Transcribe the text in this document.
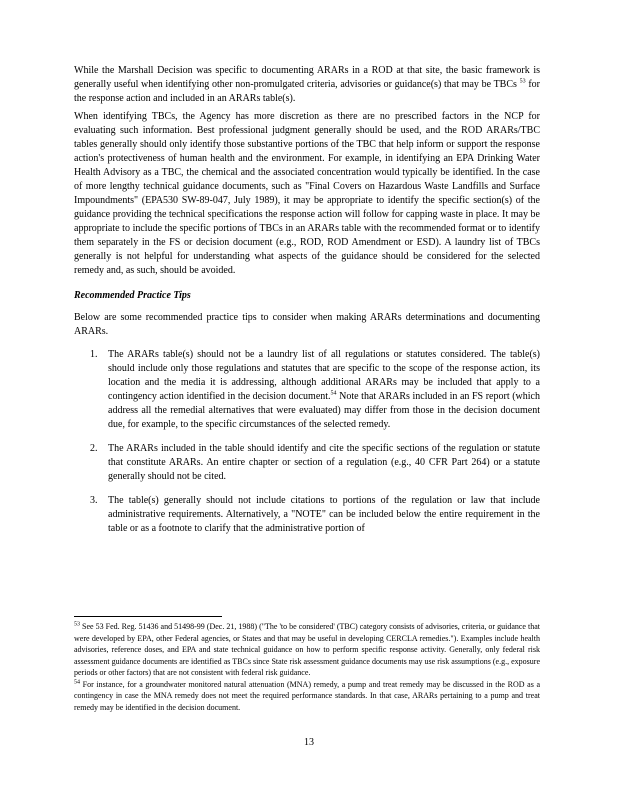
While the Marshall Decision was specific to documenting ARARs in a ROD at that site, the basic framework is generally useful when identifying other non-promulgated criteria, advisories or guidance(s) that may be TBCs $^{53}$ for the response action and included in an ARARs table(s).

When identifying TBCs, the Agency has more discretion as there are no prescribed factors in the NCP for evaluating such information. Best professional judgment generally should be used, and the ROD ARARs/TBC tables generally should only identify those substantive portions of the TBC that help inform or support the response action's protectiveness of human health and the environment. For example, in identifying an EPA Drinking Water Health Advisory as a TBC, the chemical and the associated concentration would typically be identified. In the case of more lengthy technical guidance documents, such as "Final Covers on Hazardous Waste Landfills and Surface Impoundments" (EPA530 SW-89-047, July 1989), it may be appropriate to identify the specific section(s) of the guidance providing the technical specifications the response action will follow for capping waste in place. It may be appropriate to include the specific portions of TBCs in an ARARs table with the recommended format or to identify them separately in the FS or decision document (e.g., ROD, ROD Amendment or ESD). A laundry list of TBCs generally is not helpful for understanding what aspects of the guidance should be considered for the selected remedy and, as such, should be avoided.

Recommended Practice Tips

Below are some recommended practice tips to consider when making ARARs determinations and documenting ARARs.

1. The ARARs table(s) should not be a laundry list of all regulations or statutes considered. The table(s) should include only those regulations and statutes that are specific to the scope of the response action, its location and the media it is addressing, although additional ARARs may be included that apply to a contingency action identified in the decision document.$^{54}$ Note that ARARs included in an FS report (which address all the remedial alternatives that were evaluated) may differ from those in the decision document due, for example, to the specific circumstances of the selected remedy.

2. The ARARs included in the table should identify and cite the specific sections of the regulation or statute that constitute ARARs. An entire chapter or section of a regulation (e.g., 40 CFR Part 264) or a statute generally should not be cited.

3. The table(s) generally should not include citations to portions of the regulation or law that include administrative requirements. Alternatively, a "NOTE" can be included below the entire requirement in the table or as a footnote to clarify that the administrative portion of

$^{53}$ See 53 Fed. Reg. 51436 and 51498-99 (Dec. 21, 1988) ("The 'to be considered' (TBC) category consists of advisories, criteria, or guidance that were developed by EPA, other Federal agencies, or States and that may be useful in developing CERCLA remedies."). Examples include health advisories, reference doses, and EPA and state technical guidance on how to perform specific response activity. Generally, only federal risk assessment guidance documents are identified as TBCs since State risk assessment guidance documents may use risk assumptions (e.g., exposure periods or other factors) that are not consistent with federal risk guidance.

$^{54}$ For instance, for a groundwater monitored natural attenuation (MNA) remedy, a pump and treat remedy may be discussed in the ROD as a contingency in case the MNA remedy does not meet the required performance standards. In that case, ARARs pertaining to a pump and treat remedy may be identified in the decision document.

13
